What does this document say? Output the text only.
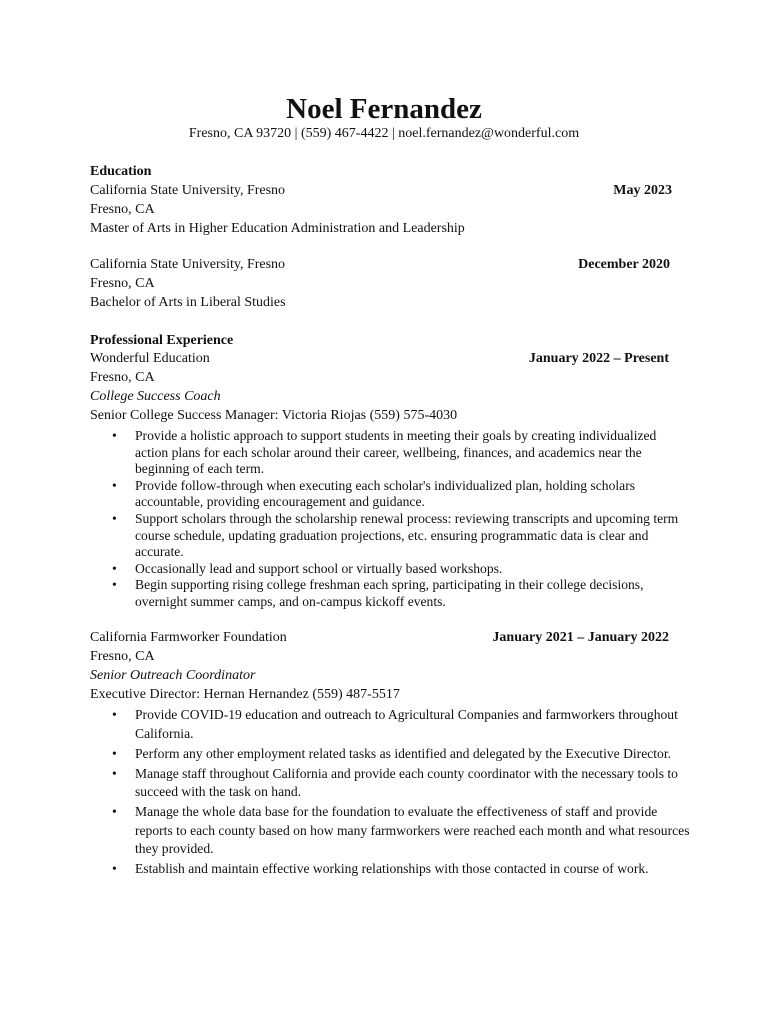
Noel Fernandez
Fresno, CA 93720 | (559) 467-4422 | noel.fernandez@wonderful.com
Education
California State University, Fresno	May 2023
Fresno, CA
Master of Arts in Higher Education Administration and Leadership
California State University, Fresno	December 2020
Fresno, CA
Bachelor of Arts in Liberal Studies
Professional Experience
Wonderful Education	January 2022 – Present
Fresno, CA
College Success Coach
Senior College Success Manager: Victoria Riojas (559) 575-4030
• Provide a holistic approach to support students in meeting their goals by creating individualized action plans for each scholar around their career, wellbeing, finances, and academics near the beginning of each term.
• Provide follow-through when executing each scholar's individualized plan, holding scholars accountable, providing encouragement and guidance.
• Support scholars through the scholarship renewal process: reviewing transcripts and upcoming term course schedule, updating graduation projections, etc. ensuring programmatic data is clear and accurate.
• Occasionally lead and support school or virtually based workshops.
• Begin supporting rising college freshman each spring, participating in their college decisions, overnight summer camps, and on-campus kickoff events.
California Farmworker Foundation	January 2021 – January 2022
Fresno, CA
Senior Outreach Coordinator
Executive Director: Hernan Hernandez (559) 487-5517
• Provide COVID-19 education and outreach to Agricultural Companies and farmworkers throughout California.
• Perform any other employment related tasks as identified and delegated by the Executive Director.
• Manage staff throughout California and provide each county coordinator with the necessary tools to succeed with the task on hand.
• Manage the whole data base for the foundation to evaluate the effectiveness of staff and provide reports to each county based on how many farmworkers were reached each month and what resources they provided.
• Establish and maintain effective working relationships with those contacted in course of work.
